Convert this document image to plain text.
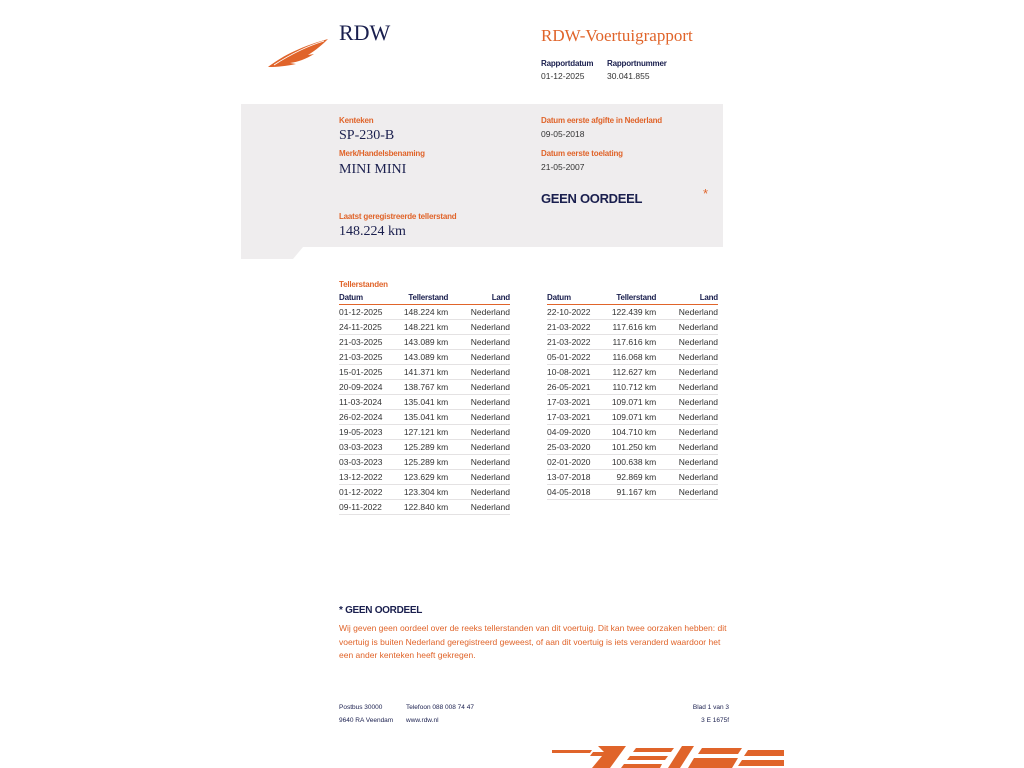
RDW	RDW-Voertuigrapport
Rapportdatum
01-12-2025
Rapportnummer
30.041.855
Kenteken
SP-230-B
Merk/Handelsbenaming
MINI MINI
Laatst geregistreerde tellerstand
148.224 km
Datum eerste afgifte in Nederland
09-05-2018
Datum eerste toelating
21-05-2007
GEEN OORDEEL	*
Tellerstanden
Datum	Tellerstand	Land
01-12-2025	148.224 km	Nederland
24-11-2025	148.221 km	Nederland
21-03-2025	143.089 km	Nederland
21-03-2025	143.089 km	Nederland
15-01-2025	141.371 km	Nederland
20-09-2024	138.767 km	Nederland
11-03-2024	135.041 km	Nederland
26-02-2024	135.041 km	Nederland
19-05-2023	127.121 km	Nederland
03-03-2023	125.289 km	Nederland
03-03-2023	125.289 km	Nederland
13-12-2022	123.629 km	Nederland
01-12-2022	123.304 km	Nederland
09-11-2022	122.840 km	Nederland
Datum	Tellerstand	Land
22-10-2022	122.439 km	Nederland
21-03-2022	117.616 km	Nederland
21-03-2022	117.616 km	Nederland
05-01-2022	116.068 km	Nederland
10-08-2021	112.627 km	Nederland
26-05-2021	110.712 km	Nederland
17-03-2021	109.071 km	Nederland
17-03-2021	109.071 km	Nederland
04-09-2020	104.710 km	Nederland
25-03-2020	101.250 km	Nederland
02-01-2020	100.638 km	Nederland
13-07-2018	92.869 km	Nederland
04-05-2018	91.167 km	Nederland
* GEEN OORDEEL
Wij geven geen oordeel over de reeks tellerstanden van dit voertuig. Dit kan twee oorzaken hebben: dit voertuig is buiten Nederland geregistreerd geweest, of aan dit voertuig is iets veranderd waardoor het een ander kenteken heeft gekregen.
Postbus 30000
9640 RA Veendam
Telefoon 088 008 74 47
www.rdw.nl
Blad 1 van 3
3 E 1675f
